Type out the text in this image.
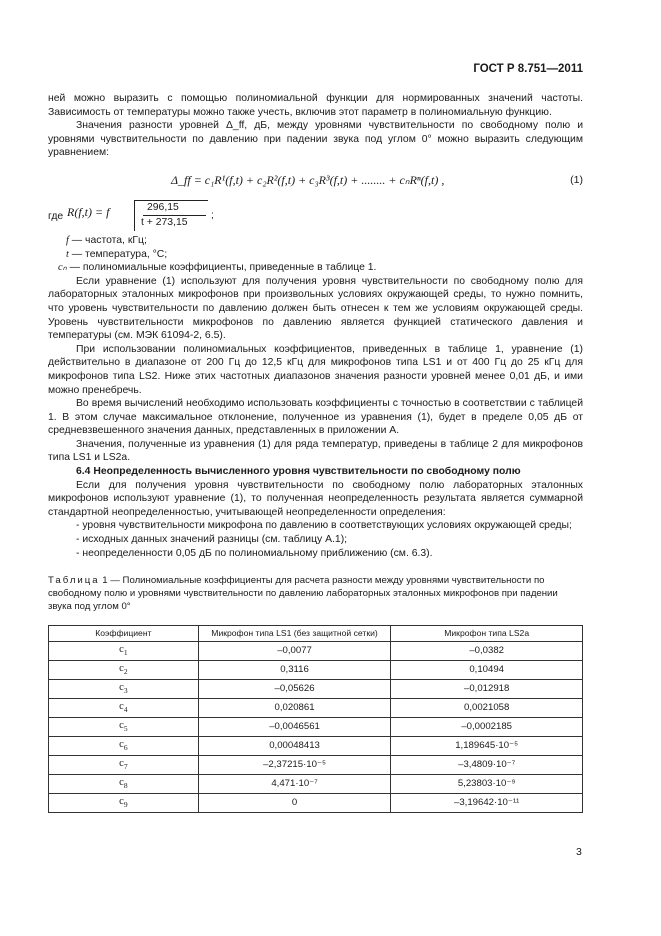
ГОСТ Р 8.751—2011

ней можно выразить с помощью полиномиальной функции для нормированных значений частоты. Зависимость от температуры можно также учесть, включив этот параметр в полиномиальную функцию.

Значения разности уровней Δ_ff, дБ, между уровнями чувствительности по свободному полю и уровнями чувствительности по давлению при падении звука под углом 0° можно выразить следующим уравнением:

Δ_ff = c₁R¹(f,t) + c₂R²(f,t) + c₃R³(f,t) + ........ + cₙRⁿ(f,t) ,	(1)
где R(f,t) = f	296,15
t + 273,15
;
f — частота, кГц;
t — температура, °С;
cₙ — полиномиальные коэффициенты, приведенные в таблице 1.

Если уравнение (1) используют для получения уровня чувствительности по свободному полю для лабораторных эталонных микрофонов при произвольных условиях окружающей среды, то нужно помнить, что уровень чувствительности по давлению должен быть отнесен к тем же условиям окружающей среды. Уровень чувствительности микрофонов по давлению является функцией статического давления и температуры (см. МЭК 61094-2, 6.5).

При использовании полиномиальных коэффициентов, приведенных в таблице 1, уравнение (1) действительно в диапазоне от 200 Гц до 12,5 кГц для микрофонов типа LS1 и от 400 Гц до 25 кГц для микрофонов типа LS2. Ниже этих частотных диапазонов значения разности уровней менее 0,01 дБ, и ими можно пренебречь.

Во время вычислений необходимо использовать коэффициенты с точностью в соответствии с таблицей 1. В этом случае максимальное отклонение, полученное из уравнения (1), будет в пределе 0,05 дБ от средневзвешенного значения данных, представленных в приложении А.

Значения, полученные из уравнения (1) для ряда температур, приведены в таблице 2 для микрофонов типа LS1 и LS2a.

6.4 Неопределенность вычисленного уровня чувствительности по свободному полю

Если для получения уровня чувствительности по свободному полю лабораторных эталонных микрофонов используют уравнение (1), то полученная неопределенность результата является суммарной стандартной неопределенностью, учитывающей неопределенности определения:

- уровня чувствительности микрофона по давлению в соответствующих условиях окружающей среды;

- исходных данных значений разницы (см. таблицу А.1);

- неопределенности 0,05 дБ по полиномиальному приближению (см. 6.3).

Таблица 1 — Полиномиальные коэффициенты для расчета разности между уровнями чувствительности по свободному полю и уровнями чувствительности по давлению лабораторных эталонных микрофонов при падении звука под углом 0°
Коэффициент	Микрофон типа LS1 (без защитной сетки)	Микрофон типа LS2a
$c_1$	–0,0077	–0,0382
$c_2$	0,3116	0,10494
$c_3$	–0,05626	–0,012918
$c_4$	0,020861	0,0021058
$c_5$	–0,0046561	–0,0002185
$c_6$	0,00048413	1,189645·10⁻⁵
$c_7$	–2,37215·10⁻⁵	–3,4809·10⁻⁷
$c_8$	4,471·10⁻⁷	5,23803·10⁻⁹
$c_9$	0	–3,19642·10⁻¹¹
3
